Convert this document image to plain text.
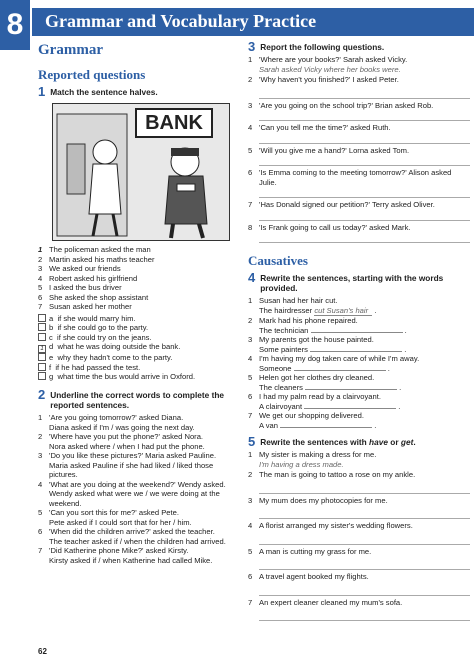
8	Grammar and Vocabulary Practice
Grammar
Reported questions
1 Match the sentence halves.
BANK
1 The policeman asked the man
2 Martin asked his maths teacher
3 We asked our friends
4 Robert asked his girlfriend
5 I asked the bus driver
6 She asked the shop assistant
7 Susan asked her mother
a if she would marry him.
b if she could go to the party.
c if she could try on the jeans.
1 d what he was doing outside the bank.
e why they hadn't come to the party.
f if he had passed the test.
g what time the bus would arrive in Oxford.
2 Underline the correct words to complete the reported sentences.
1 'Are you going tomorrow?' asked Diana.
Diana asked if I'm / was going the next day.
2 'Where have you put the phone?' asked Nora.
Nora asked where / when I had put the phone.
3 'Do you like these pictures?' Maria asked Pauline.
Maria asked Pauline if she had liked / liked those pictures.
4 'What are you doing at the weekend?' Wendy asked.
Wendy asked what were we / we were doing at the weekend.
5 'Can you sort this for me?' asked Pete.
Pete asked if I could sort that for her / him.
6 'When did the children arrive?' asked the teacher.
The teacher asked if / when the children had arrived.
7 'Did Katherine phone Mike?' asked Kirsty.
Kirsty asked if / when Katherine had called Mike.
3 Report the following questions.
1 'Where are your books?' Sarah asked Vicky.
Sarah asked Vicky where her books were.
2 'Why haven't you finished?' I asked Peter.
3 'Are you going on the school trip?' Brian asked Rob.
4 'Can you tell me the time?' asked Ruth.
5 'Will you give me a hand?' Lorna asked Tom.
6 'Is Emma coming to the meeting tomorrow?' Alison asked Julie.
7 'Has Donald signed our petition?' Terry asked Oliver.
8 'Is Frank going to call us today?' asked Mark.
Causatives
4 Rewrite the sentences, starting with the words provided.
1 Susan had her hair cut.
The hairdresser cut Susan's hair .
2 Mark had his phone repaired.
The technician	.
3 My parents got the house painted.
Some painters	.
4 I'm having my dog taken care of while I'm away.
Someone	.
5 Helen got her clothes dry cleaned.
The cleaners	.
6 I had my palm read by a clairvoyant.
A clairvoyant	.
7 We get our shopping delivered.
A van	.
5 Rewrite the sentences with have or get.
1 My sister is making a dress for me.
I'm having a dress made.
2 The man is going to tattoo a rose on my ankle.
3 My mum does my photocopies for me.
4 A florist arranged my sister's wedding flowers.
5 A man is cutting my grass for me.
6 A travel agent booked my flights.
7 An expert cleaner cleaned my mum's sofa.
62
